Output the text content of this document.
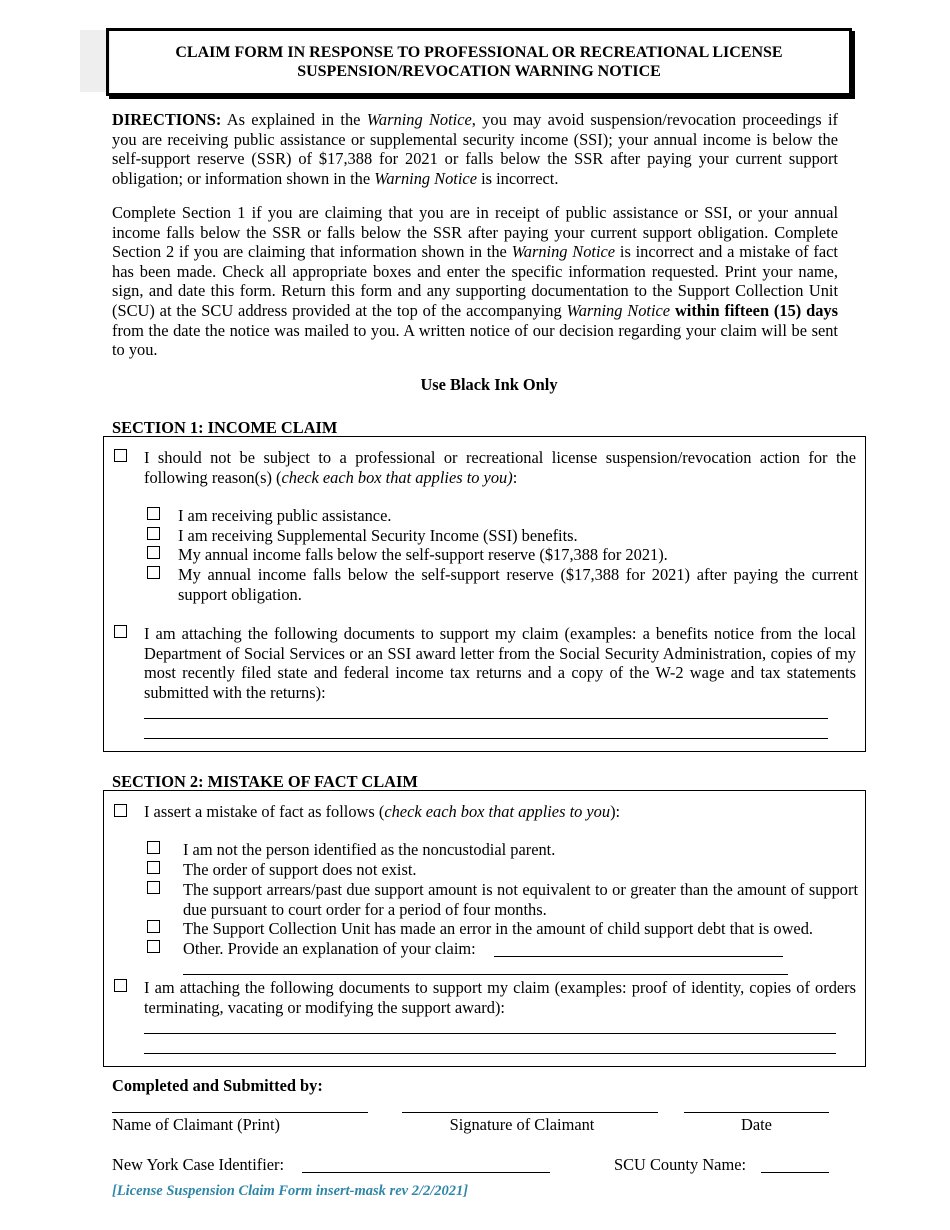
CLAIM FORM IN RESPONSE TO PROFESSIONAL OR RECREATIONAL LICENSE
SUSPENSION/REVOCATION WARNING NOTICE
DIRECTIONS: As explained in the Warning Notice, you may avoid suspension/revocation proceedings if you are receiving public assistance or supplemental security income (SSI); your annual income is below the self-support reserve (SSR) of $17,388 for 2021 or falls below the SSR after paying your current support obligation; or information shown in the Warning Notice is incorrect.
Complete Section 1 if you are claiming that you are in receipt of public assistance or SSI, or your annual income falls below the SSR or falls below the SSR after paying your current support obligation. Complete Section 2 if you are claiming that information shown in the Warning Notice is incorrect and a mistake of fact has been made. Check all appropriate boxes and enter the specific information requested. Print your name, sign, and date this form. Return this form and any supporting documentation to the Support Collection Unit (SCU) at the SCU address provided at the top of the accompanying Warning Notice within fifteen (15) days from the date the notice was mailed to you. A written notice of our decision regarding your claim will be sent to you.
Use Black Ink Only
SECTION 1: INCOME CLAIM
I should not be subject to a professional or recreational license suspension/revocation action for the following reason(s) (check each box that applies to you):
I am receiving public assistance.
I am receiving Supplemental Security Income (SSI) benefits.
My annual income falls below the self-support reserve ($17,388 for 2021).
My annual income falls below the self-support reserve ($17,388 for 2021) after paying the current support obligation.
I am attaching the following documents to support my claim (examples: a benefits notice from the local Department of Social Services or an SSI award letter from the Social Security Administration, copies of my most recently filed state and federal income tax returns and a copy of the W-2 wage and tax statements submitted with the returns):
SECTION 2: MISTAKE OF FACT CLAIM
I assert a mistake of fact as follows (check each box that applies to you):
I am not the person identified as the noncustodial parent.
The order of support does not exist.
The support arrears/past due support amount is not equivalent to or greater than the amount of support due pursuant to court order for a period of four months.
The Support Collection Unit has made an error in the amount of child support debt that is owed.
Other. Provide an explanation of your claim:
I am attaching the following documents to support my claim (examples: proof of identity, copies of orders terminating, vacating or modifying the support award):
Completed and Submitted by:
Name of Claimant (Print)	Signature of Claimant	Date
New York Case Identifier:	SCU County Name:
[License Suspension Claim Form insert-mask rev 2/2/2021]
